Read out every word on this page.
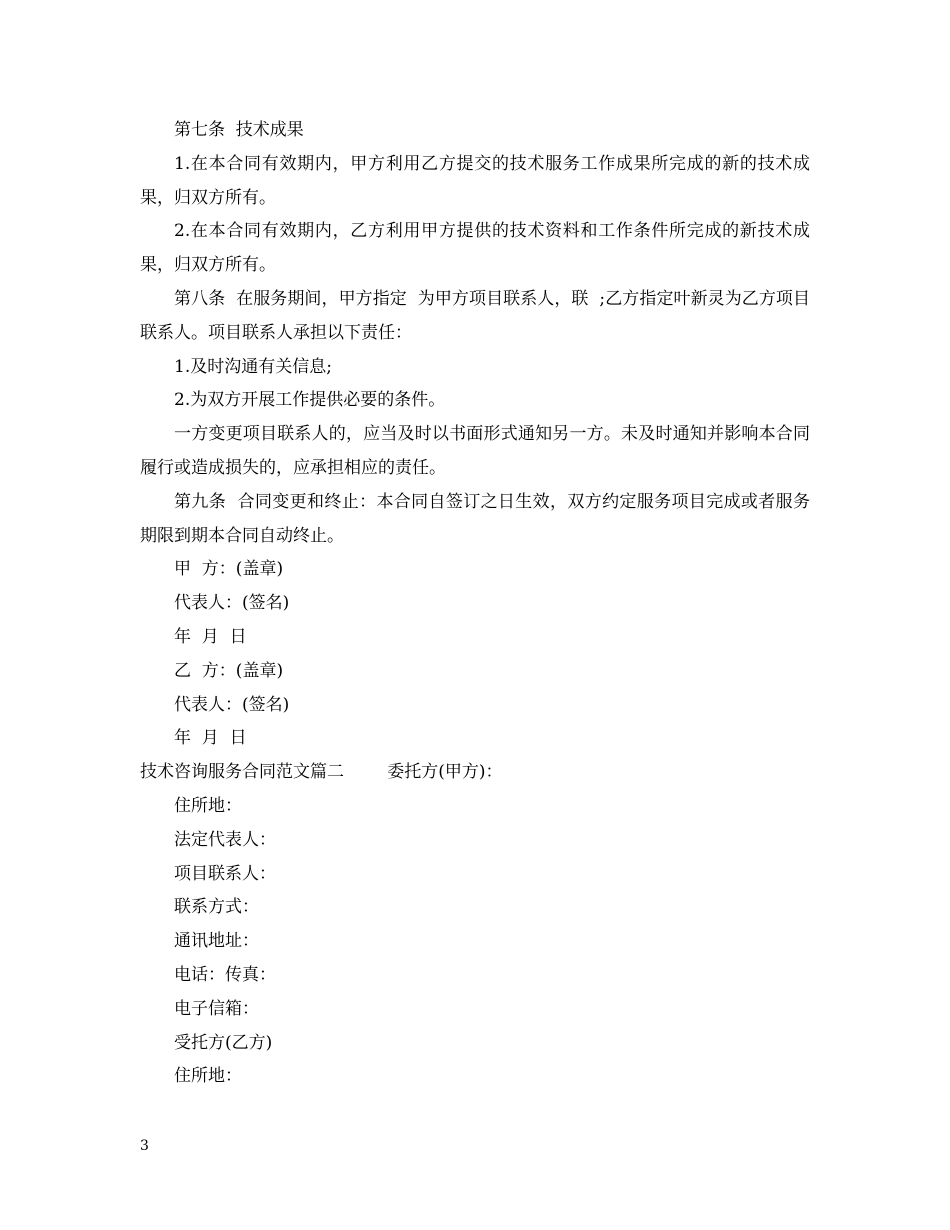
第七条  技术成果

1.在本合同有效期内，甲方利用乙方提交的技术服务工作成果所完成的新的技术成果，归双方所有。

2.在本合同有效期内，乙方利用甲方提供的技术资料和工作条件所完成的新技术成果，归双方所有。

第八条  在服务期间，甲方指定  为甲方项目联系人，联  ;乙方指定叶新灵为乙方项目联系人。项目联系人承担以下责任：

1.及时沟通有关信息;

2.为双方开展工作提供必要的条件。

一方变更项目联系人的，应当及时以书面形式通知另一方。未及时通知并影响本合同履行或造成损失的，应承担相应的责任。

第九条  合同变更和终止：本合同自签订之日生效，双方约定服务项目完成或者服务期限到期本合同自动终止。

甲  方：(盖章)

代表人：(签名)

年  月  日

乙  方：(盖章)

代表人：(签名)

年  月  日

技术咨询服务合同范文篇二        委托方(甲方)：

住所地：

法定代表人：

项目联系人：

联系方式：

通讯地址：

电话：传真：

电子信箱：

受托方(乙方)

住所地：

3
